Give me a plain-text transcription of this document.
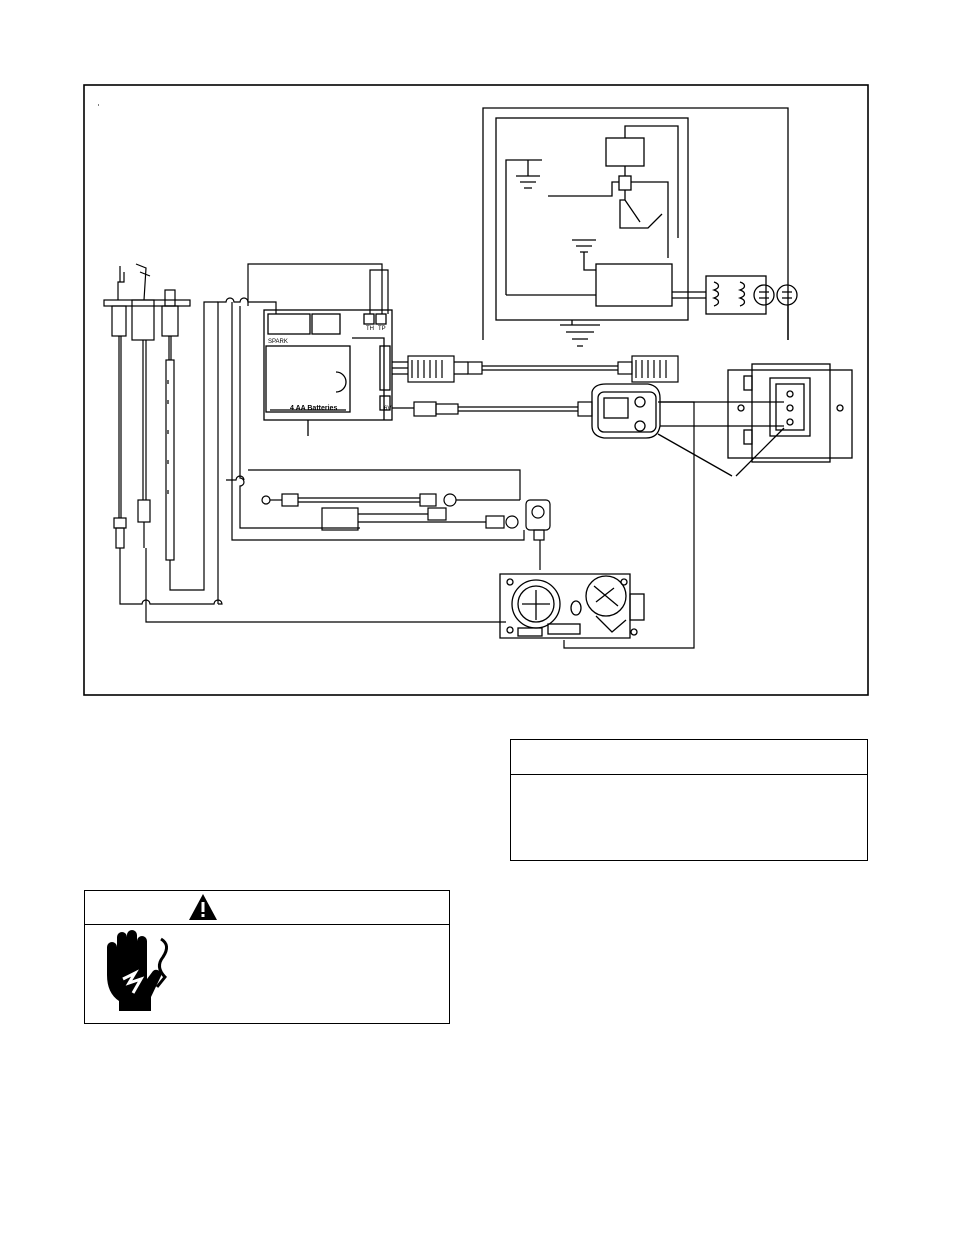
SPARK
TH TP
6V
4 AA Batteries
